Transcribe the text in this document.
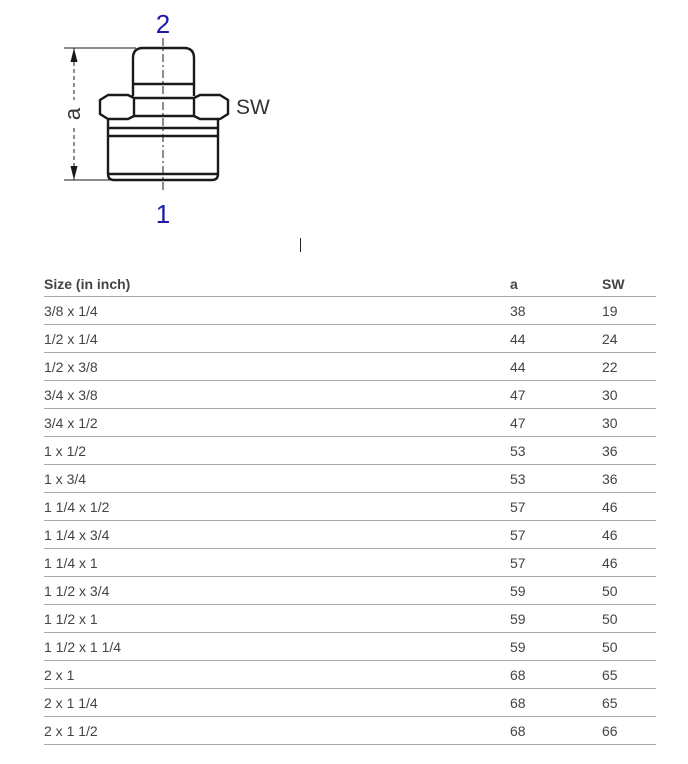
a
2
1
SW
Size (in inch)	a	SW
3/8 x 1/4	38	19
1/2 x 1/4	44	24
1/2 x 3/8	44	22
3/4 x 3/8	47	30
3/4 x 1/2	47	30
1 x 1/2	53	36
1 x 3/4	53	36
1 1/4 x 1/2	57	46
1 1/4 x 3/4	57	46
1 1/4 x 1	57	46
1 1/2 x 3/4	59	50
1 1/2 x 1	59	50
1 1/2 x 1 1/4	59	50
2 x 1	68	65
2 x 1 1/4	68	65
2 x 1 1/2	68	66
